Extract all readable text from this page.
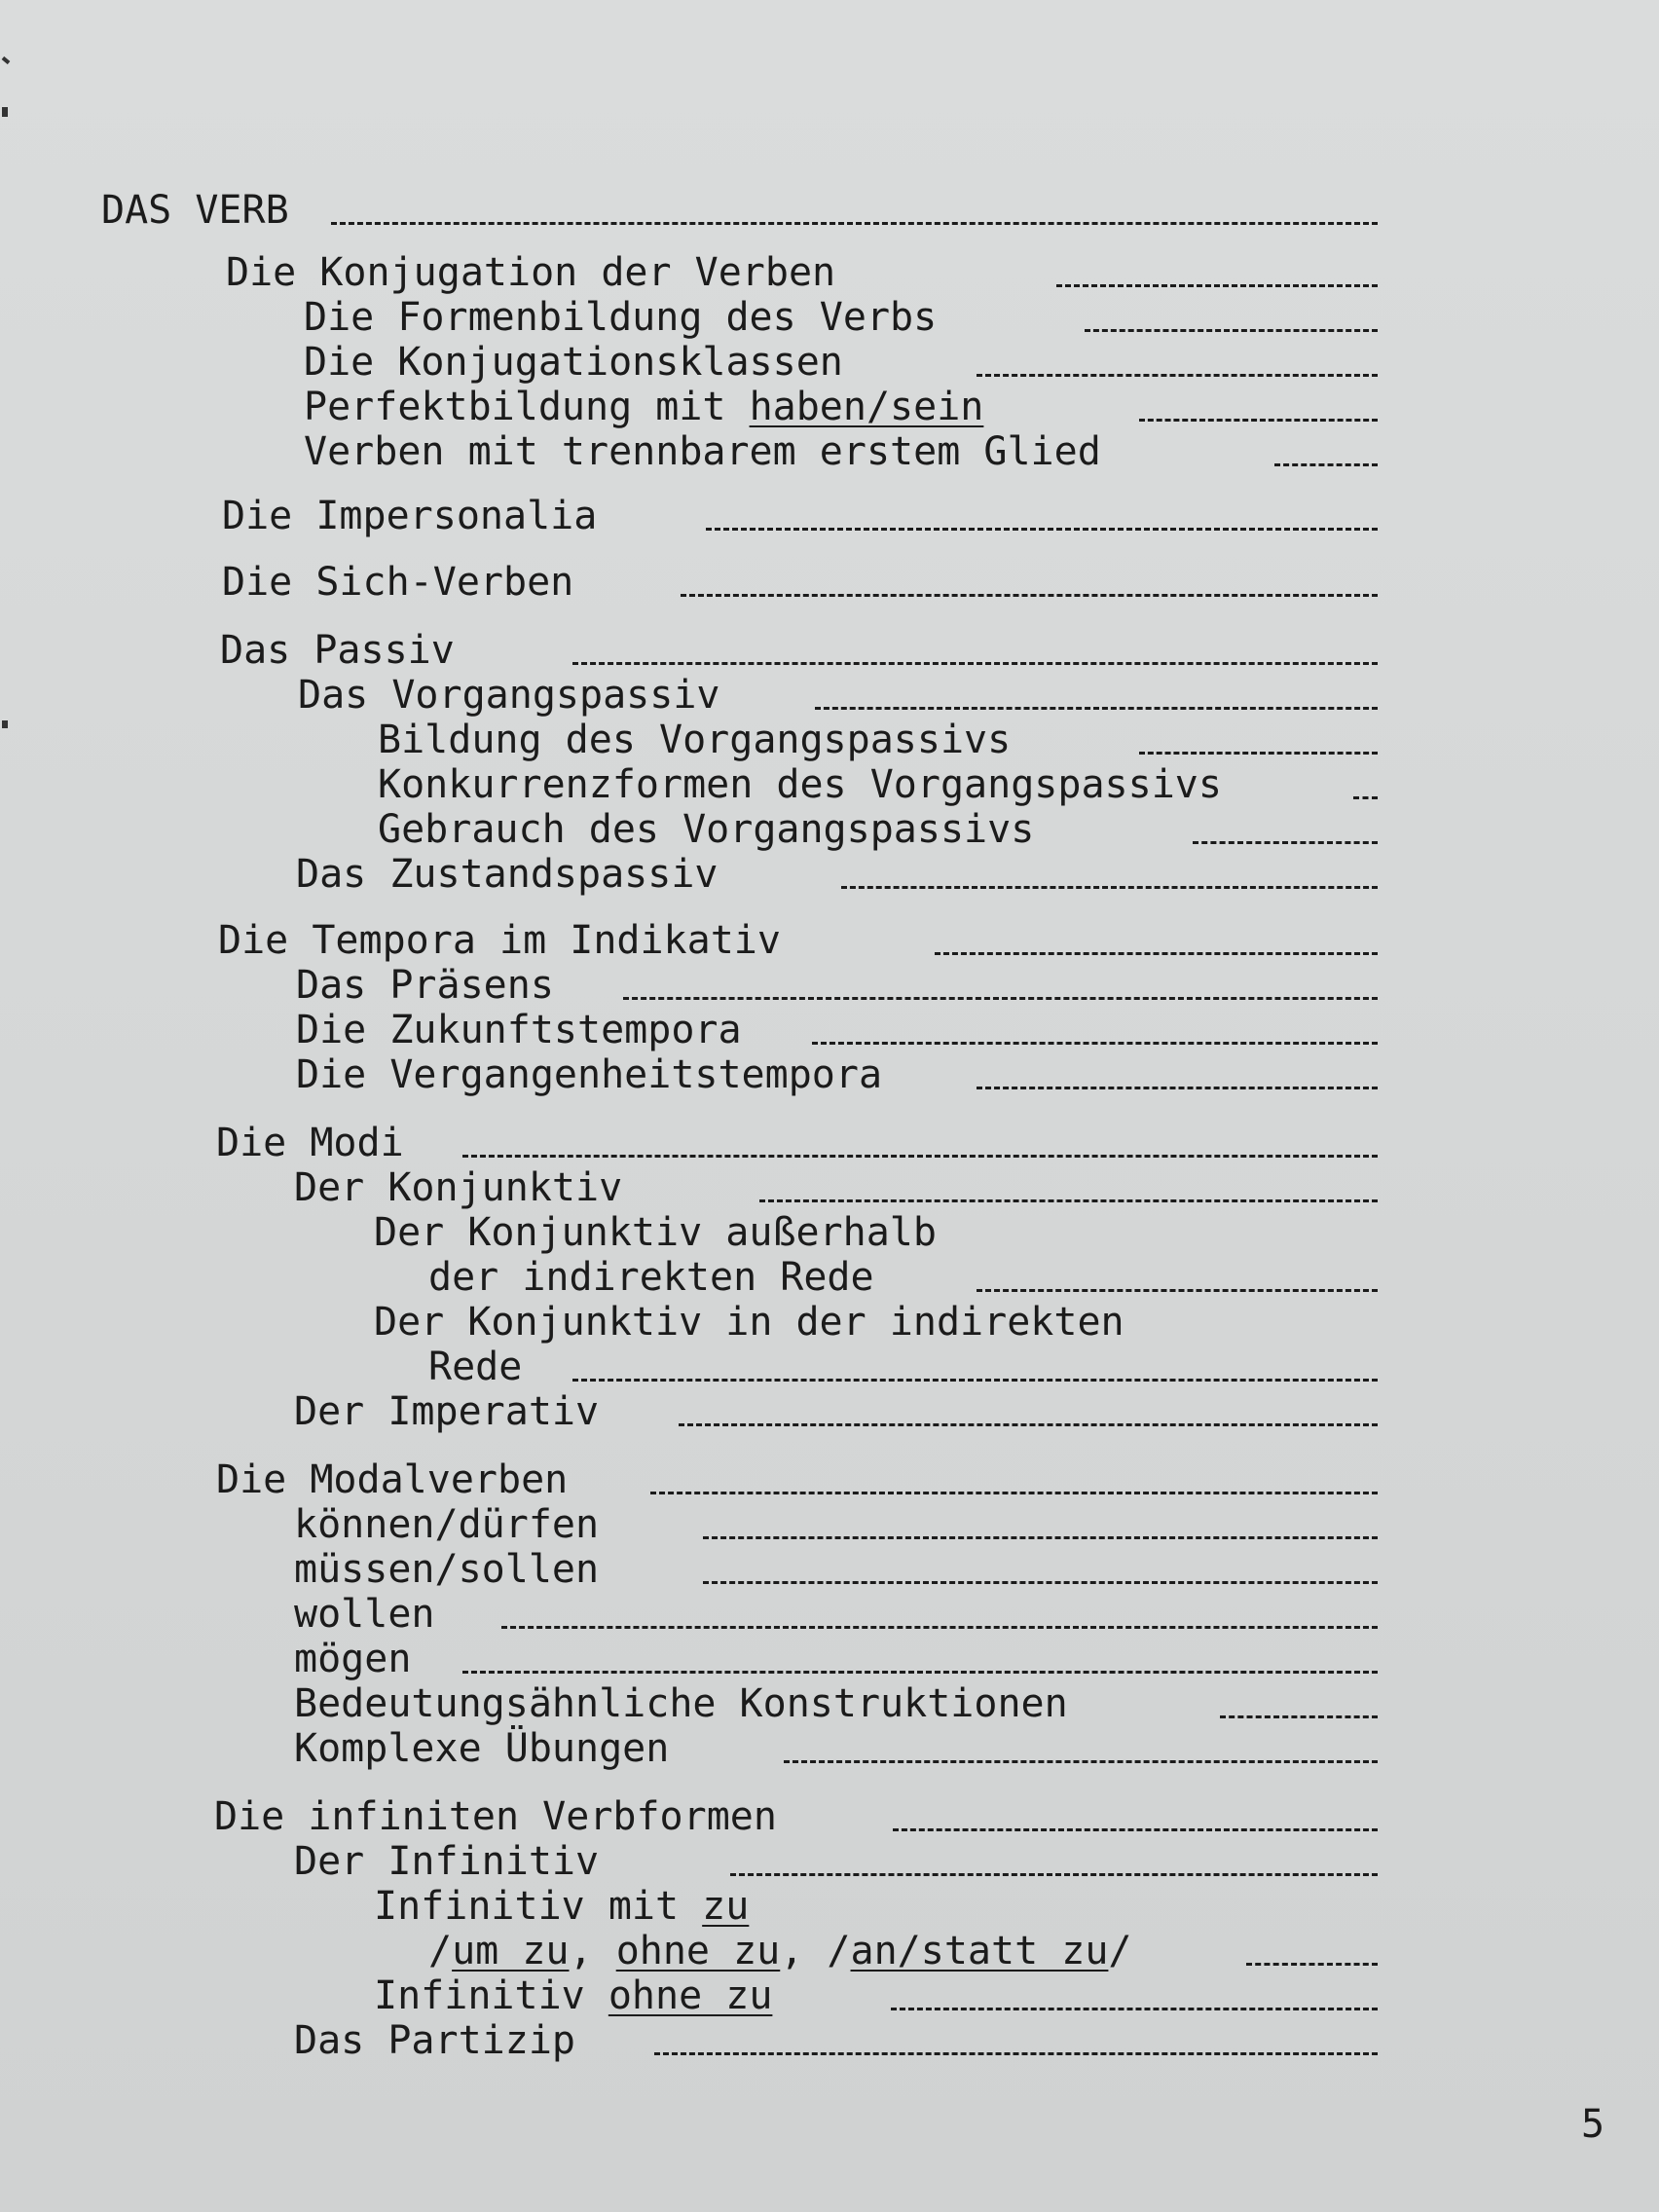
DAS VERB
Die Konjugation der Verben
Die Formenbildung des Verbs
Die Konjugationsklassen
Perfektbildung mit haben/sein
Verben mit trennbarem erstem Glied
Die Impersonalia
Die Sich-Verben
Das Passiv
Das Vorgangspassiv
Bildung des Vorgangspassivs
Konkurrenzformen des Vorgangspassivs
Gebrauch des Vorgangspassivs
Das Zustandspassiv
Die Tempora im Indikativ
Das Präsens
Die Zukunftstempora
Die Vergangenheitstempora
Die Modi
Der Konjunktiv
Der Konjunktiv außerhalb
der indirekten Rede
Der Konjunktiv in der indirekten
Rede
Der Imperativ
Die Modalverben
können/dürfen
müssen/sollen
wollen
mögen
Bedeutungsähnliche Konstruktionen
Komplexe Übungen
Die infiniten Verbformen
Der Infinitiv
Infinitiv mit zu
/um zu, ohne zu, /an/statt zu/
Infinitiv ohne zu
Das Partizip
5
